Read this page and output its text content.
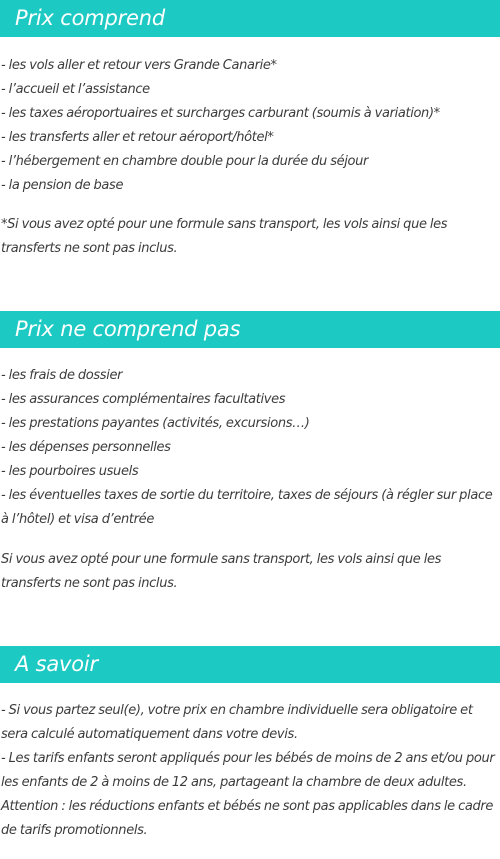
Prix comprend
- les vols aller et retour vers Grande Canarie*
- l’accueil et l’assistance
- les taxes aéroportuaires et surcharges carburant (soumis à variation)*
- les transferts aller et retour aéroport/hôtel*
- l’hébergement en chambre double pour la durée du séjour
- la pension de base
*Si vous avez opté pour une formule sans transport, les vols ainsi que les
transferts ne sont pas inclus.
Prix ne comprend pas
- les frais de dossier
- les assurances complémentaires facultatives
- les prestations payantes (activités, excursions…)
- les dépenses personnelles
- les pourboires usuels
- les éventuelles taxes de sortie du territoire, taxes de séjours (à régler sur place
à l’hôtel) et visa d’entrée
Si vous avez opté pour une formule sans transport, les vols ainsi que les
transferts ne sont pas inclus.
A savoir
- Si vous partez seul(e), votre prix en chambre individuelle sera obligatoire et
sera calculé automatiquement dans votre devis.
- Les tarifs enfants seront appliqués pour les bébés de moins de 2 ans et/ou pour
les enfants de 2 à moins de 12 ans, partageant la chambre de deux adultes.
Attention : les réductions enfants et bébés ne sont pas applicables dans le cadre
de tarifs promotionnels.
